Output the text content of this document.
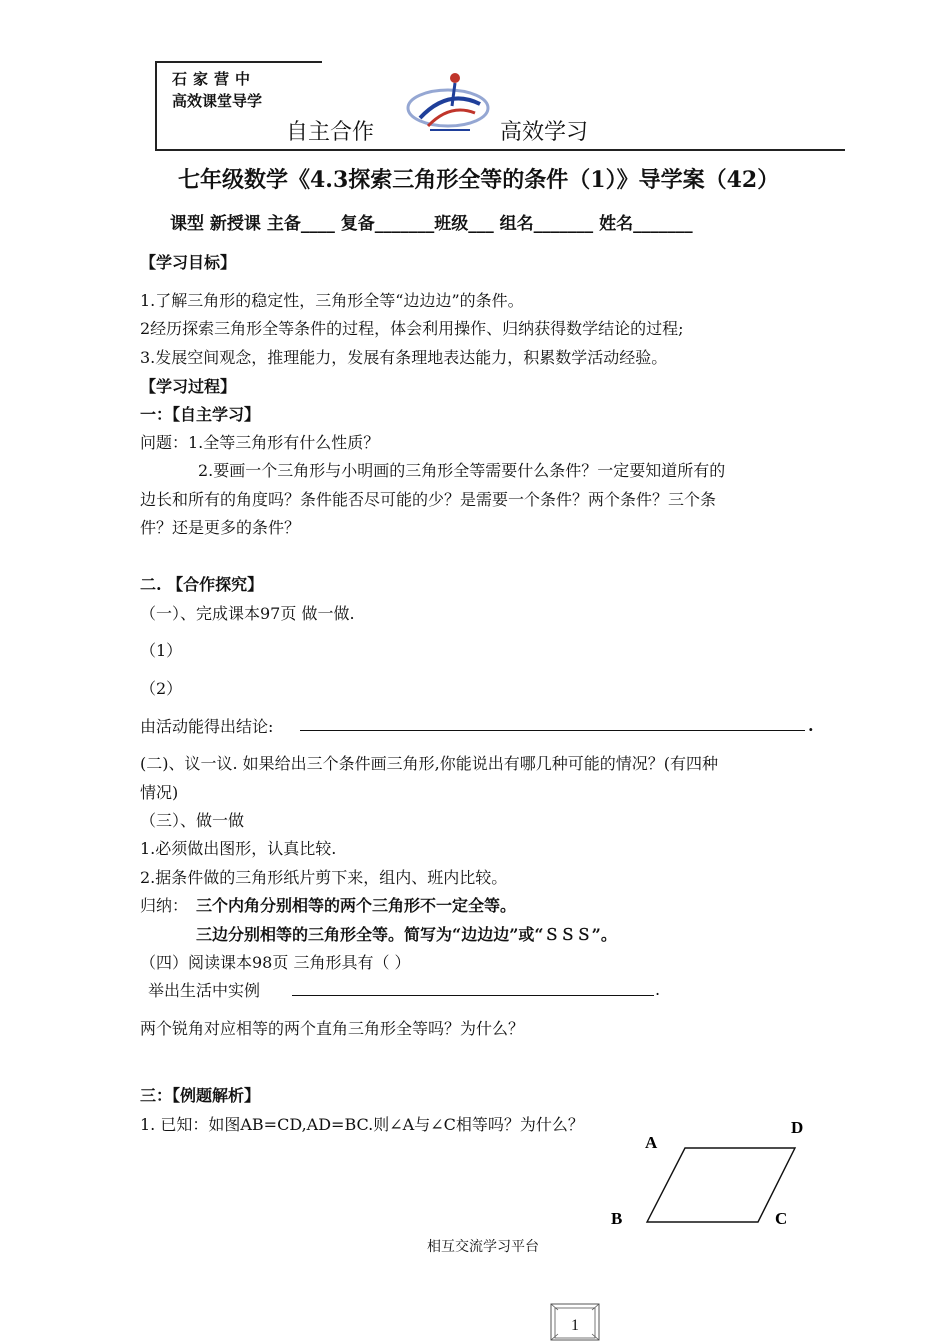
石家营中
高效课堂导学
自主合作	高效学习
七年级数学《4.3探索三角形全等的条件（1）》导学案（42）
课型 新授课 主备____ 复备_______班级___ 组名_______ 姓名_______
【学习目标】
1.了解三角形的稳定性，三角形全等“边边边”的条件。
2经历探索三角形全等条件的过程，体会利用操作、归纳获得数学结论的过程;
3.发展空间观念，推理能力，发展有条理地表达能力，积累数学活动经验。
【学习过程】
一：【自主学习】
问题：1.全等三角形有什么性质？
2.要画一个三角形与小明画的三角形全等需要什么条件？一定要知道所有的
边长和所有的角度吗？条件能否尽可能的少？是需要一个条件？两个条件？三个条
件？还是更多的条件？
二. 【合作探究】
（一）、完成课本97页 做一做.
（1）
（2）
由活动能得出结论:	.
(二)、议一议. 如果给出三个条件画三角形,你能说出有哪几种可能的情况？(有四种
情况)
（三）、做一做
1.必须做出图形，认真比较.
2.据条件做的三角形纸片剪下来，组内、班内比较。
归纳： 三个内角分别相等的两个三角形不一定全等。
三边分别相等的三角形全等。简写为“边边边”或“ＳＳＳ”。
（四）阅读课本98页 三角形具有（ ）
举出生活中实例	.
两个锐角对应相等的两个直角三角形全等吗？为什么？
三：【例题解析】
1. 已知：如图AB=CD,AD=BC.则∠A与∠C相等吗？为什么？
A
D
B	C
相互交流学习平台
1
